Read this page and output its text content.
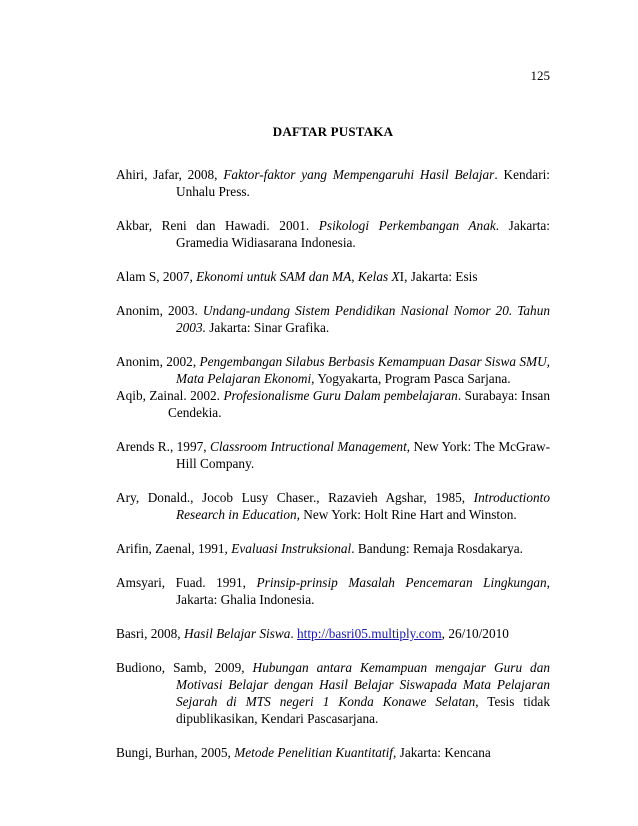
125
DAFTAR PUSTAKA

Ahiri, Jafar, 2008, Faktor-faktor yang Mempengaruhi Hasil Belajar. Kendari: Unhalu Press.

Akbar, Reni dan Hawadi. 2001. Psikologi Perkembangan Anak. Jakarta: Gramedia Widiasarana Indonesia.

Alam S, 2007, Ekonomi untuk SAM dan MA, Kelas XI, Jakarta: Esis

Anonim, 2003. Undang-undang Sistem Pendidikan Nasional Nomor 20. Tahun 2003. Jakarta: Sinar Grafika.

Anonim, 2002, Pengembangan Silabus Berbasis Kemampuan Dasar Siswa SMU, Mata Pelajaran Ekonomi, Yogyakarta, Program Pasca Sarjana.

Aqib, Zainal. 2002. Profesionalisme Guru Dalam pembelajaran. Surabaya: Insan Cendekia.

Arends R., 1997, Classroom Intructional Management, New York: The McGraw-Hill Company.

Ary, Donald., Jocob Lusy Chaser., Razavieh Agshar, 1985, Introductionto Research in Education, New York: Holt Rine Hart and Winston.

Arifin, Zaenal, 1991, Evaluasi Instruksional. Bandung: Remaja Rosdakarya.

Amsyari, Fuad. 1991, Prinsip-prinsip Masalah Pencemaran Lingkungan, Jakarta: Ghalia Indonesia.

Basri, 2008, Hasil Belajar Siswa. http://basri05.multiply.com, 26/10/2010

Budiono, Samb, 2009, Hubungan antara Kemampuan mengajar Guru dan Motivasi Belajar dengan Hasil Belajar Siswapada Mata Pelajaran Sejarah di MTS negeri 1 Konda Konawe Selatan, Tesis tidak dipublikasikan, Kendari Pascasarjana.

Bungi, Burhan, 2005, Metode Penelitian Kuantitatif, Jakarta: Kencana
